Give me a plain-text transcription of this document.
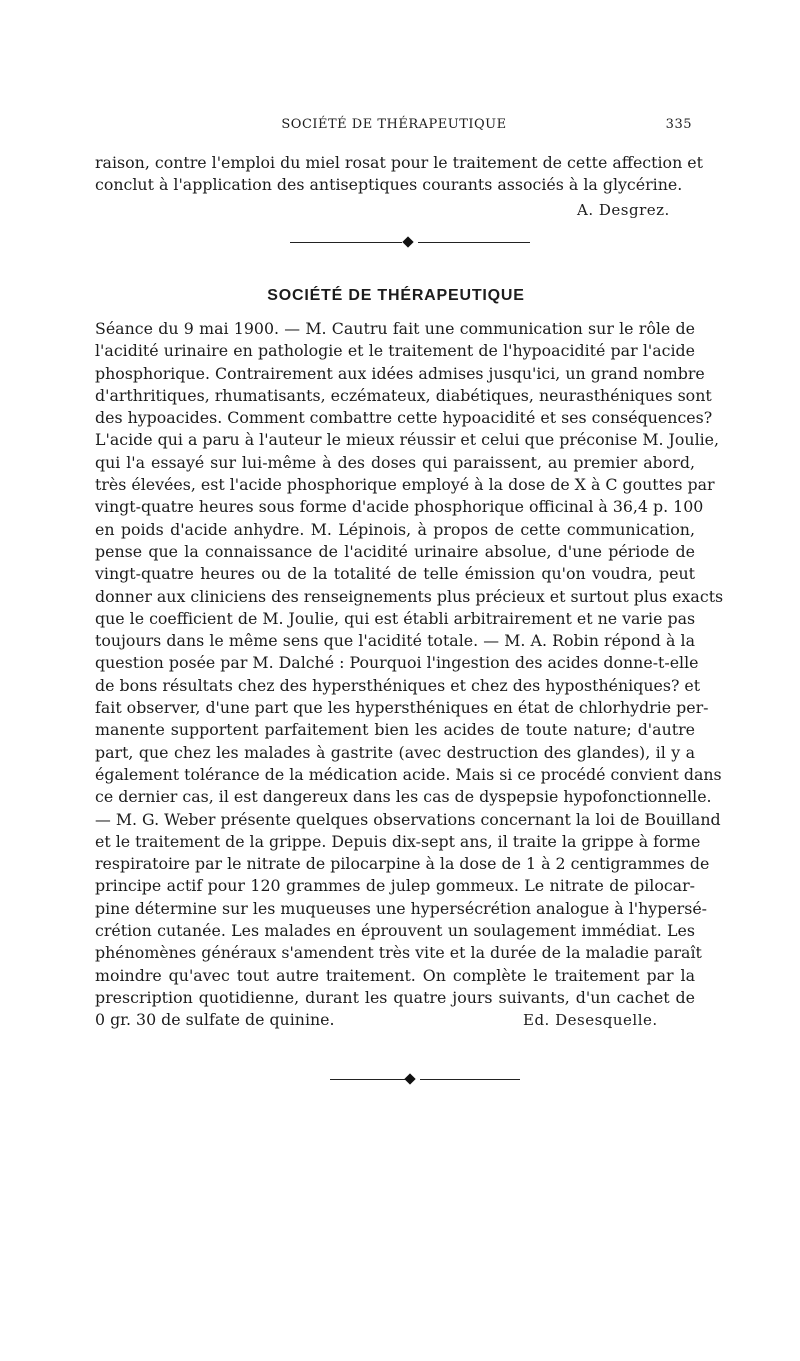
SOCIÉTÉ DE THÉRAPEUTIQUE	335
raison, contre l'emploi du miel rosat pour le traitement de cette affection et
conclut à l'application des antiseptiques courants associés à la glycérine.
A. Desgrez.
SOCIÉTÉ DE THÉRAPEUTIQUE
Séance du 9 mai 1900. — M. Cautru fait une communication sur le rôle de
l'acidité urinaire en pathologie et le traitement de l'hypoacidité par l'acide
phosphorique. Contrairement aux idées admises jusqu'ici, un grand nombre
d'arthritiques, rhumatisants, eczémateux, diabétiques, neurasthéniques sont
des hypoacides. Comment combattre cette hypoacidité et ses conséquences?
L'acide qui a paru à l'auteur le mieux réussir et celui que préconise M. Joulie,
qui l'a essayé sur lui-même à des doses qui paraissent, au premier abord,
très élevées, est l'acide phosphorique employé à la dose de X à C gouttes par
vingt-quatre heures sous forme d'acide phosphorique officinal à 36,4 p. 100
en poids d'acide anhydre. M. Lépinois, à propos de cette communication,
pense que la connaissance de l'acidité urinaire absolue, d'une période de
vingt-quatre heures ou de la totalité de telle émission qu'on voudra, peut
donner aux cliniciens des renseignements plus précieux et surtout plus exacts
que le coefficient de M. Joulie, qui est établi arbitrairement et ne varie pas
toujours dans le même sens que l'acidité totale. — M. A. Robin répond à la
question posée par M. Dalché : Pourquoi l'ingestion des acides donne-t-elle
de bons résultats chez des hypersthéniques et chez des hyposthéniques? et
fait observer, d'une part que les hypersthéniques en état de chlorhydrie per-
manente supportent parfaitement bien les acides de toute nature; d'autre
part, que chez les malades à gastrite (avec destruction des glandes), il y a
également tolérance de la médication acide. Mais si ce procédé convient dans
ce dernier cas, il est dangereux dans les cas de dyspepsie hypofonctionnelle.
— M. G. Weber présente quelques observations concernant la loi de Bouilland
et le traitement de la grippe. Depuis dix-sept ans, il traite la grippe à forme
respiratoire par le nitrate de pilocarpine à la dose de 1 à 2 centigrammes de
principe actif pour 120 grammes de julep gommeux. Le nitrate de pilocar-
pine détermine sur les muqueuses une hypersécrétion analogue à l'hypersé-
crétion cutanée. Les malades en éprouvent un soulagement immédiat. Les
phénomènes généraux s'amendent très vite et la durée de la maladie paraît
moindre qu'avec tout autre traitement. On complète le traitement par la
prescription quotidienne, durant les quatre jours suivants, d'un cachet de
0 gr. 30 de sulfate de quinine.	Ed. Desesquelle.
